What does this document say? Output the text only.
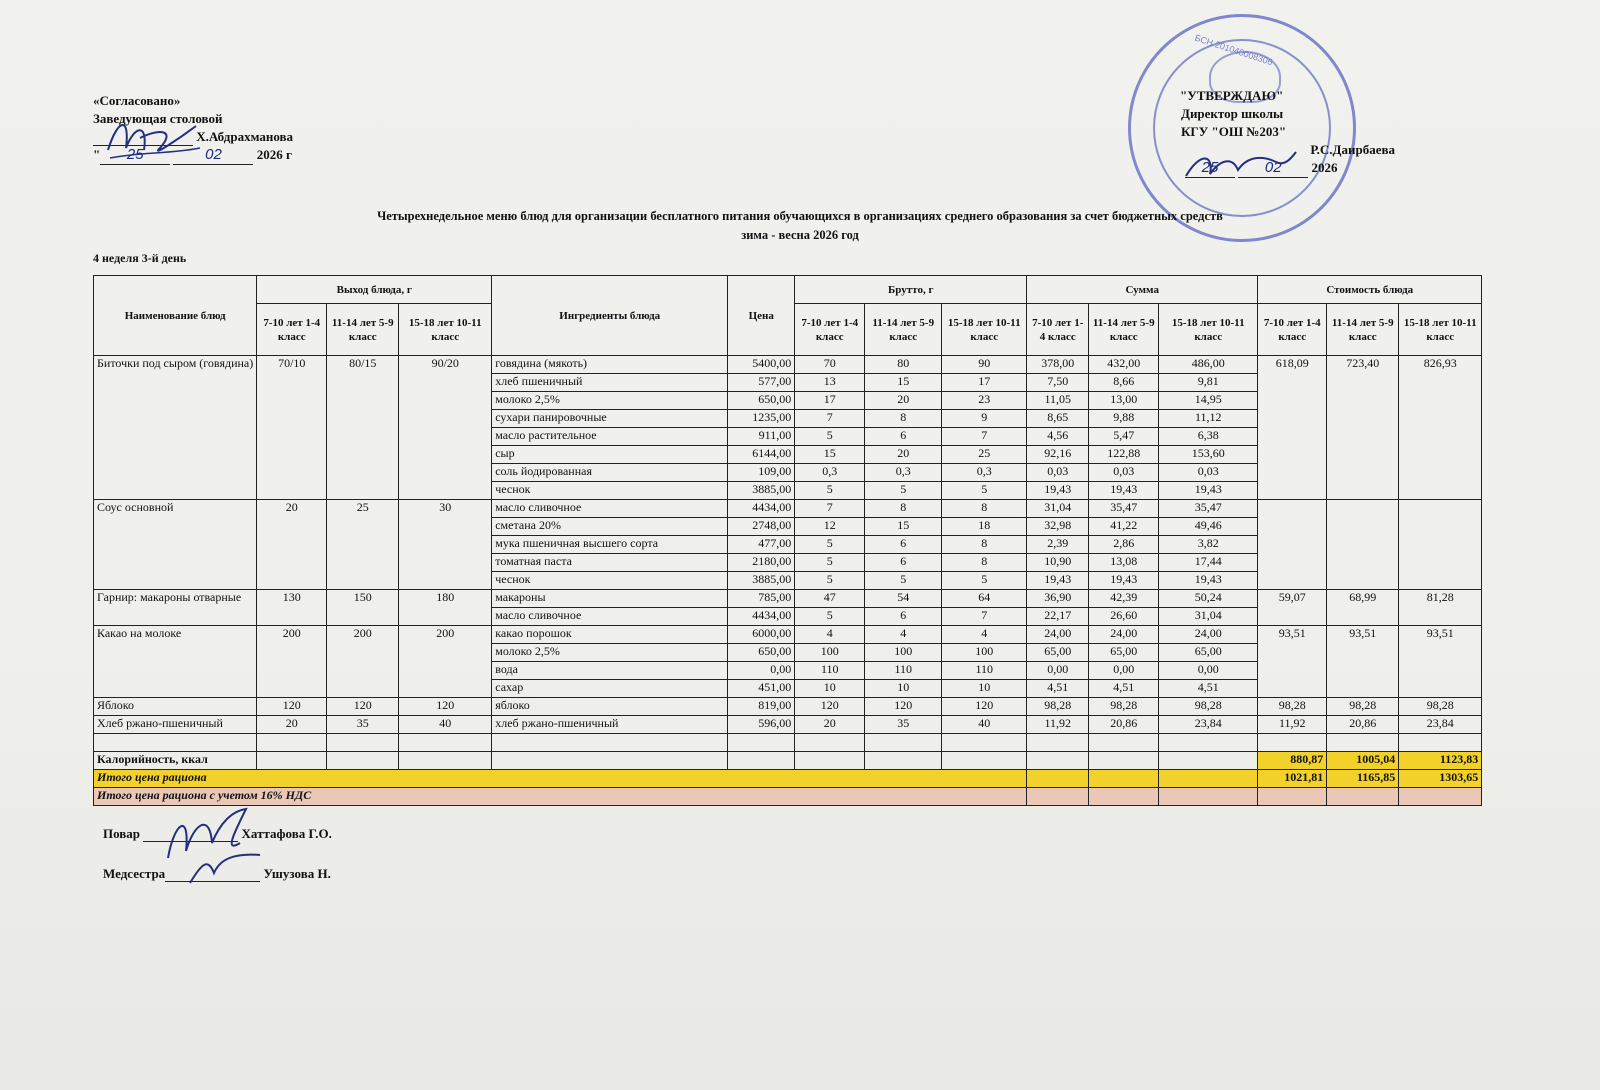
«Согласовано»
Заведующая столовой
Х.Абдрахманова
" 25	02	2026 г
БСН 201040008306
"УТВЕРЖДАЮ"
Директор школы
КГУ "ОШ №203"
Р.С.Даирбаева
25	02 2026
Четырехнедельное меню блюд для организации бесплатного питания обучающихся в организациях среднего образования за счет бюджетных средств
зима - весна 2026 год
4 неделя 3-й день
Наименование блюд	Выход блюда, г			Ингредиенты блюда	Цена	Брутто, г			Сумма			Стоимость блюда		
	7-10 лет 1-4 класс	11-14 лет 5-9 класс	15-18 лет 10-11 класс			7-10 лет 1-4 класс	11-14 лет 5-9 класс	15-18 лет 10-11 класс	7-10 лет 1-4 класс	11-14 лет 5-9 класс	15-18 лет 10-11 класс	7-10 лет 1-4 класс	11-14 лет 5-9 класс	15-18 лет 10-11 класс
Биточки под сыром (говядина)	70/10	80/15	90/20	говядина (мякоть)	5400,00	70	80	90	378,00	432,00	486,00	618,09	723,40	826,93
				хлеб пшеничный	577,00	13	15	17	7,50	8,66	9,81			
				молоко 2,5%	650,00	17	20	23	11,05	13,00	14,95			
				сухари панировочные	1235,00	7	8	9	8,65	9,88	11,12			
				масло растительное	911,00	5	6	7	4,56	5,47	6,38			
				сыр	6144,00	15	20	25	92,16	122,88	153,60			
				соль йодированная	109,00	0,3	0,3	0,3	0,03	0,03	0,03			
				чеснок	3885,00	5	5	5	19,43	19,43	19,43			
Соус основной	20	25	30	масло сливочное	4434,00	7	8	8	31,04	35,47	35,47			
				сметана 20%	2748,00	12	15	18	32,98	41,22	49,46			
				мука пшеничная высшего сорта	477,00	5	6	8	2,39	2,86	3,82			
				томатная паста	2180,00	5	6	8	10,90	13,08	17,44			
				чеснок	3885,00	5	5	5	19,43	19,43	19,43			
Гарнир: макароны отварные	130	150	180	макароны	785,00	47	54	64	36,90	42,39	50,24	59,07	68,99	81,28
				масло сливочное	4434,00	5	6	7	22,17	26,60	31,04			
Какао на молоке	200	200	200	какао порошок	6000,00	4	4	4	24,00	24,00	24,00	93,51	93,51	93,51
				молоко 2,5%	650,00	100	100	100	65,00	65,00	65,00			
				вода	0,00	110	110	110	0,00	0,00	0,00			
				сахар	451,00	10	10	10	4,51	4,51	4,51			
Яблоко	120	120	120	яблоко	819,00	120	120	120	98,28	98,28	98,28	98,28	98,28	98,28
Хлеб ржано-пшеничный	20	35	40	хлеб ржано-пшеничный	596,00	20	35	40	11,92	20,86	23,84	11,92	20,86	23,84

Калорийность, ккал												880,87	1005,04	1123,83
Итого цена рациона												1021,81	1165,85	1303,65
Итого цена рациона с учетом 16% НДС														
Повар	Хаттафова Г.О.
Медсестра	Ушузова Н.
